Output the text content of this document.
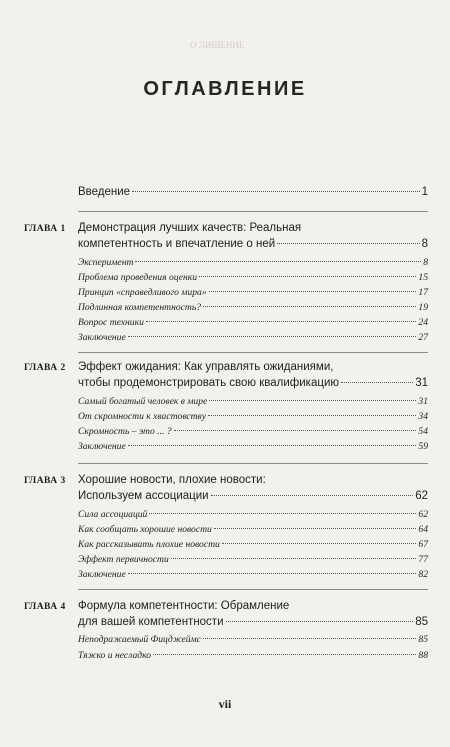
О ЛИШЕНИЕ
ОГЛАВЛЕНИЕ
Введение	1
ГЛАВА 1 Демонстрация лучших качеств: Реальная
компетентность и впечатление о ней	8
Эксперимент	8
Проблема проведения оценки	15
Принцип «справедливого мира»	17
Подлинная компетентность?	19
Вопрос техники	24
Заключение	27
ГЛАВА 2 Эффект ожидания: Как управлять ожиданиями,
чтобы продемонстрировать свою квалификацию	31
Самый богатый человек в мире	31
От скромности к хвастовству	34
Скромность – это ... ?	54
Заключение	59
ГЛАВА 3 Хорошие новости, плохие новости:
Используем ассоциации	62
Сила ассоциаций	62
Как сообщать хорошие новости	64
Как рассказывать плохие новости	67
Эффект первичности	77
Заключение	82
ГЛАВА 4 Формула компетентности: Обрамление
для вашей компетентности	85
Неподражаемый Фицджеймс	85
Тяжко и несладко	88
vii
